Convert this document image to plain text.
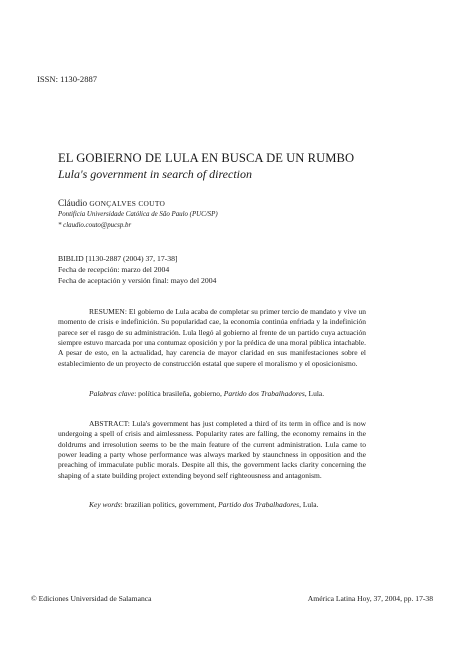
ISSN: 1130-2887
EL GOBIERNO DE LULA EN BUSCA DE UN RUMBO
Lula's government in search of direction
Cláudio GONÇALVES COUTO
Pontificia Universidade Católica de São Paulo (PUC/SP)
* claudio.couto@pucsp.br
BIBLID [1130-2887 (2004) 37, 17-38]
Fecha de recepción: marzo del 2004
Fecha de aceptación y versión final: mayo del 2004
RESUMEN: El gobierno de Lula acaba de completar su primer tercio de mandato y vive un momento de crisis e indefinición. Su popularidad cae, la economía continúa enfriada y la indefinición parece ser el rasgo de su administración. Lula llegó al gobierno al frente de un partido cuya actuación siempre estuvo marcada por una contumaz oposición y por la prédica de una moral pública intachable. A pesar de esto, en la actualidad, hay carencia de mayor claridad en sus manifestaciones sobre el establecimiento de un proyecto de construcción estatal que supere el moralismo y el oposicionismo.
Palabras clave: política brasileña, gobierno, Partido dos Trabalhadores, Lula.
ABSTRACT: Lula's government has just completed a third of its term in office and is now undergoing a spell of crisis and aimlessness. Popularity rates are falling, the economy remains in the doldrums and irresolution seems to be the main feature of the current administration. Lula came to power leading a party whose performance was always marked by staunchness in opposition and the preaching of immaculate public morals. Despite all this, the government lacks clarity concerning the shaping of a state building project extending beyond self righteousness and antagonism.
Key words: brazilian politics, government, Partido dos Trabalhadores, Lula.
© Ediciones Universidad de Salamanca	América Latina Hoy, 37, 2004, pp. 17-38
